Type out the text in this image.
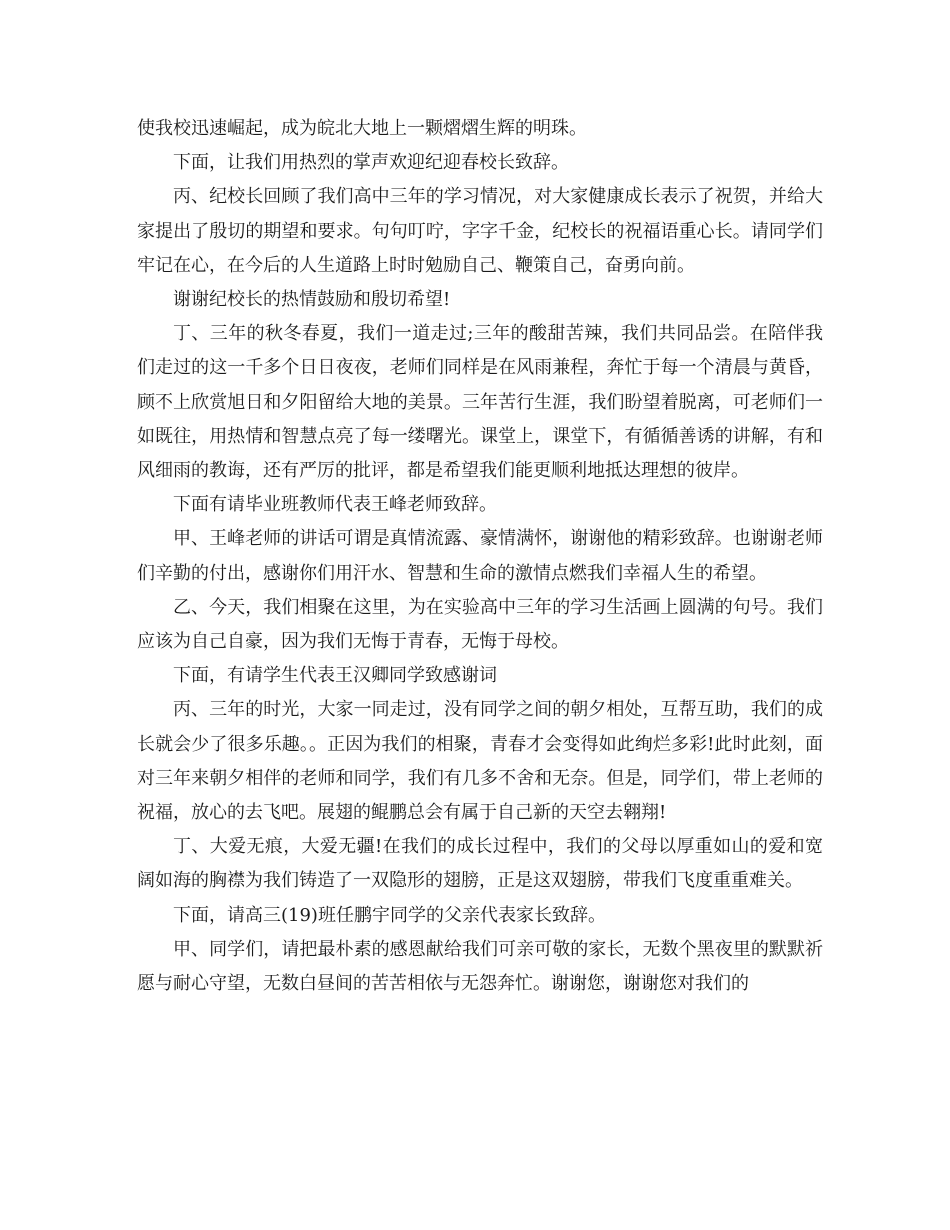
使我校迅速崛起，成为皖北大地上一颗熠熠生辉的明珠。

下面，让我们用热烈的掌声欢迎纪迎春校长致辞。

丙、纪校长回顾了我们高中三年的学习情况，对大家健康成长表示了祝贺，并给大家提出了殷切的期望和要求。句句叮咛，字字千金，纪校长的祝福语重心长。请同学们牢记在心，在今后的人生道路上时时勉励自己、鞭策自己，奋勇向前。

谢谢纪校长的热情鼓励和殷切希望!

丁、三年的秋冬春夏，我们一道走过;三年的酸甜苦辣，我们共同品尝。在陪伴我们走过的这一千多个日日夜夜，老师们同样是在风雨兼程，奔忙于每一个清晨与黄昏，顾不上欣赏旭日和夕阳留给大地的美景。三年苦行生涯，我们盼望着脱离，可老师们一如既往，用热情和智慧点亮了每一缕曙光。课堂上，课堂下，有循循善诱的讲解，有和风细雨的教诲，还有严厉的批评，都是希望我们能更顺利地抵达理想的彼岸。

下面有请毕业班教师代表王峰老师致辞。

甲、王峰老师的讲话可谓是真情流露、豪情满怀，谢谢他的精彩致辞。也谢谢老师们辛勤的付出，感谢你们用汗水、智慧和生命的激情点燃我们幸福人生的希望。

乙、今天，我们相聚在这里，为在实验高中三年的学习生活画上圆满的句号。我们应该为自己自豪，因为我们无悔于青春，无悔于母校。

下面，有请学生代表王汉卿同学致感谢词

丙、三年的时光，大家一同走过，没有同学之间的朝夕相处，互帮互助，我们的成长就会少了很多乐趣。。正因为我们的相聚，青春才会变得如此绚烂多彩!此时此刻，面对三年来朝夕相伴的老师和同学，我们有几多不舍和无奈。但是，同学们，带上老师的祝福，放心的去飞吧。展翅的鲲鹏总会有属于自己新的天空去翱翔!

丁、大爱无痕，大爱无疆!在我们的成长过程中，我们的父母以厚重如山的爱和宽阔如海的胸襟为我们铸造了一双隐形的翅膀，正是这双翅膀，带我们飞度重重难关。

下面，请高三(19)班任鹏宇同学的父亲代表家长致辞。

甲、同学们，请把最朴素的感恩献给我们可亲可敬的家长，无数个黑夜里的默默祈愿与耐心守望，无数白昼间的苦苦相依与无怨奔忙。谢谢您，谢谢您对我们的
